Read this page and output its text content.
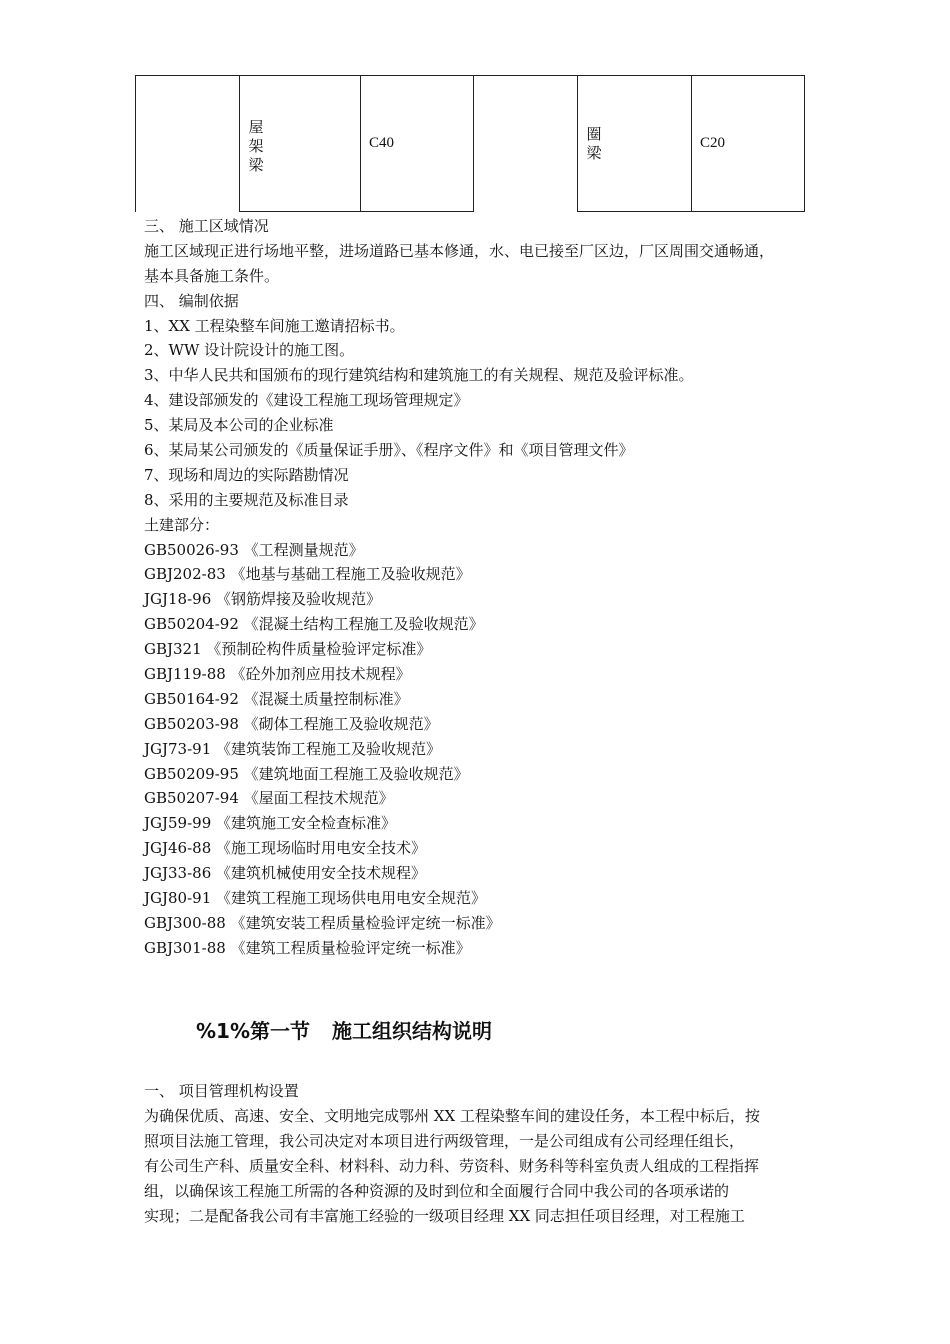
屋
架
梁
C40	圈
梁
C20
三、 施工区域情况
施工区域现正进行场地平整，进场道路已基本修通，水、电已接至厂区边，厂区周围交通畅通，
基本具备施工条件。
四、 编制依据
1、XX 工程染整车间施工邀请招标书。
2、WW 设计院设计的施工图。
3、中华人民共和国颁布的现行建筑结构和建筑施工的有关规程、规范及验评标准。
4、建设部颁发的《建设工程施工现场管理规定》
5、某局及本公司的企业标准
6、某局某公司颁发的《质量保证手册》、《程序文件》和《项目管理文件》
7、现场和周边的实际踏勘情况
8、采用的主要规范及标准目录
土建部分：
GB50026-93 《工程测量规范》
GBJ202-83 《地基与基础工程施工及验收规范》
JGJ18-96 《钢筋焊接及验收规范》
GB50204-92 《混凝土结构工程施工及验收规范》
GBJ321 《预制砼构件质量检验评定标准》
GBJ119-88 《砼外加剂应用技术规程》
GB50164-92 《混凝土质量控制标准》
GB50203-98 《砌体工程施工及验收规范》
JGJ73-91 《建筑装饰工程施工及验收规范》
GB50209-95 《建筑地面工程施工及验收规范》
GB50207-94 《屋面工程技术规范》
JGJ59-99 《建筑施工安全检查标准》
JGJ46-88 《施工现场临时用电安全技术》
JGJ33-86 《建筑机械使用安全技术规程》
JGJ80-91 《建筑工程施工现场供电用电安全规范》
GBJ300-88 《建筑安装工程质量检验评定统一标准》
GBJ301-88 《建筑工程质量检验评定统一标准》
%1%第一节 施工组织结构说明
一、 项目管理机构设置
为确保优质、高速、安全、文明地完成鄂州 XX 工程染整车间的建设任务，本工程中标后，按
照项目法施工管理，我公司决定对本项目进行两级管理，一是公司组成有公司经理任组长，
有公司生产科、质量安全科、材料科、动力科、劳资科、财务科等科室负责人组成的工程指挥
组，以确保该工程施工所需的各种资源的及时到位和全面履行合同中我公司的各项承诺的
实现；二是配备我公司有丰富施工经验的一级项目经理 XX 同志担任项目经理，对工程施工
